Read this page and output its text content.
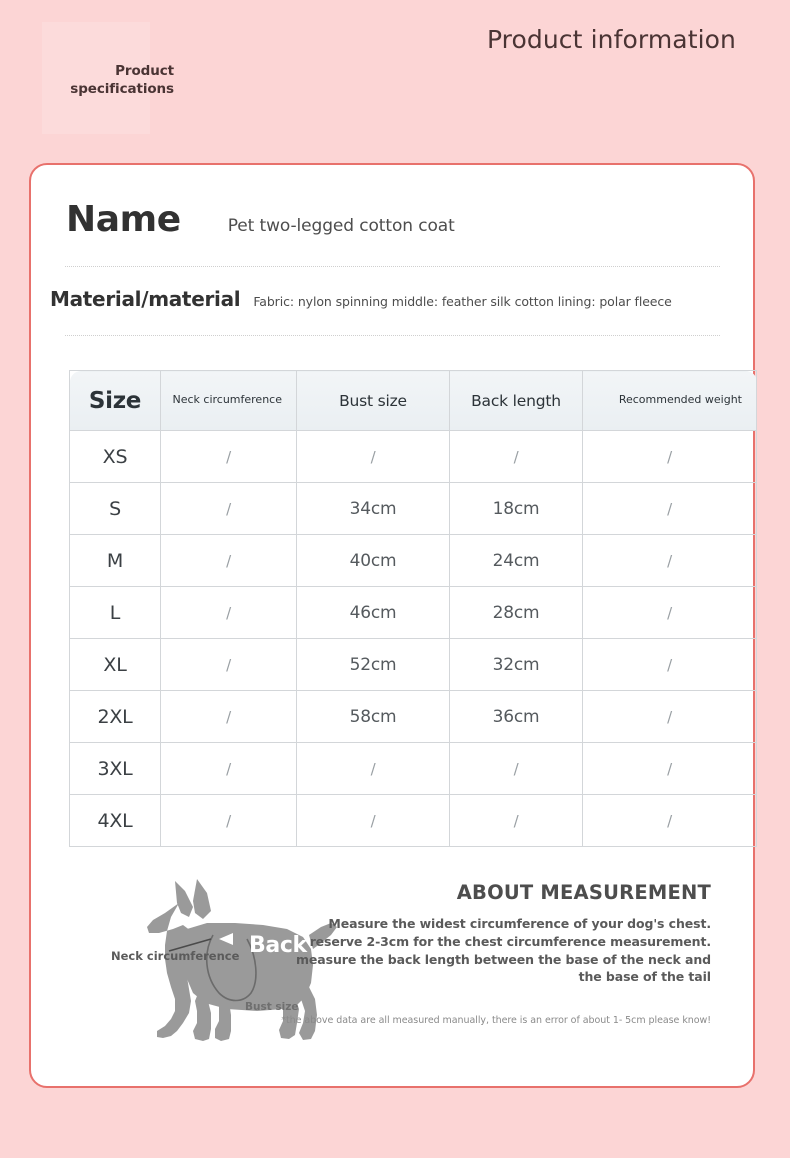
Product specifications
Product information
Name	Pet two-legged cotton coat
Material/material Fabric: nylon spinning middle: feather silk cotton lining: polar fleece
Size	Neck circumference	Bust size	Back length	Recommended weight
XS	/	/	/	/
S	/	34cm	18cm	/
M	/	40cm	24cm	/
L	/	46cm	28cm	/
XL	/	52cm	32cm	/
2XL	/	58cm	36cm	/
3XL	/	/	/	/
4XL	/	/	/	/
Neck circumference Back
Bust size
ABOUT MEASUREMENT
Measure the widest circumference of your dog's chest. reserve 2-3cm for the chest circumference measurement. measure the back length between the base of the neck and the base of the tail
*the above data are all measured manually, there is an error of about 1- 5cm please know!
